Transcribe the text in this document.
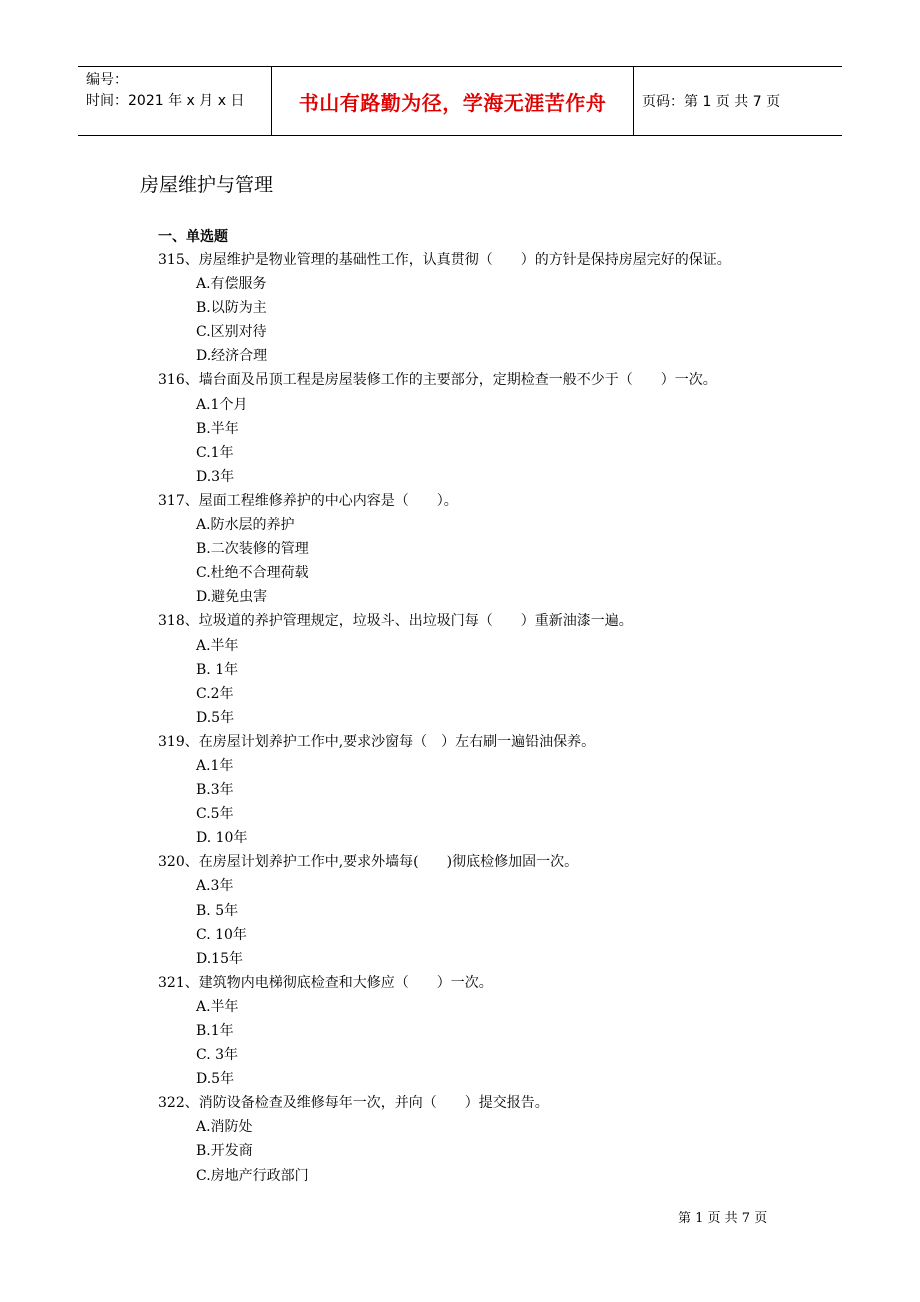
编号：
时间：2021 年 x 月 x 日	书山有路勤为径，学海无涯苦作舟	页码：第 1 页 共 7 页
房屋维护与管理
一、单选题
315、房屋维护是物业管理的基础性工作，认真贯彻（　　）的方针是保持房屋完好的保证。
A.有偿服务
B.以防为主
C.区别对待
D.经济合理
316、墙台面及吊顶工程是房屋装修工作的主要部分，定期检查一般不少于（　　）一次。
A.1个月
B.半年
C.1年
D.3年
317、屋面工程维修养护的中心内容是（　　）。
A.防水层的养护
B.二次装修的管理
C.杜绝不合理荷载
D.避免虫害
318、垃圾道的养护管理规定，垃圾斗、出垃圾门每（　　）重新油漆一遍。
A.半年
B. 1年
C.2年
D.5年
319、在房屋计划养护工作中,要求沙窗每（　）左右刷一遍铅油保养。
A.1年
B.3年
C.5年
D. 10年
320、在房屋计划养护工作中,要求外墙每(　　)彻底检修加固一次。
A.3年
B. 5年
C. 10年
D.15年
321、建筑物内电梯彻底检查和大修应（　　）一次。
A.半年
B.1年
C. 3年
D.5年
322、消防设备检查及维修每年一次，并向（　　）提交报告。
A.消防处
B.开发商
C.房地产行政部门
第 1 页 共 7 页
